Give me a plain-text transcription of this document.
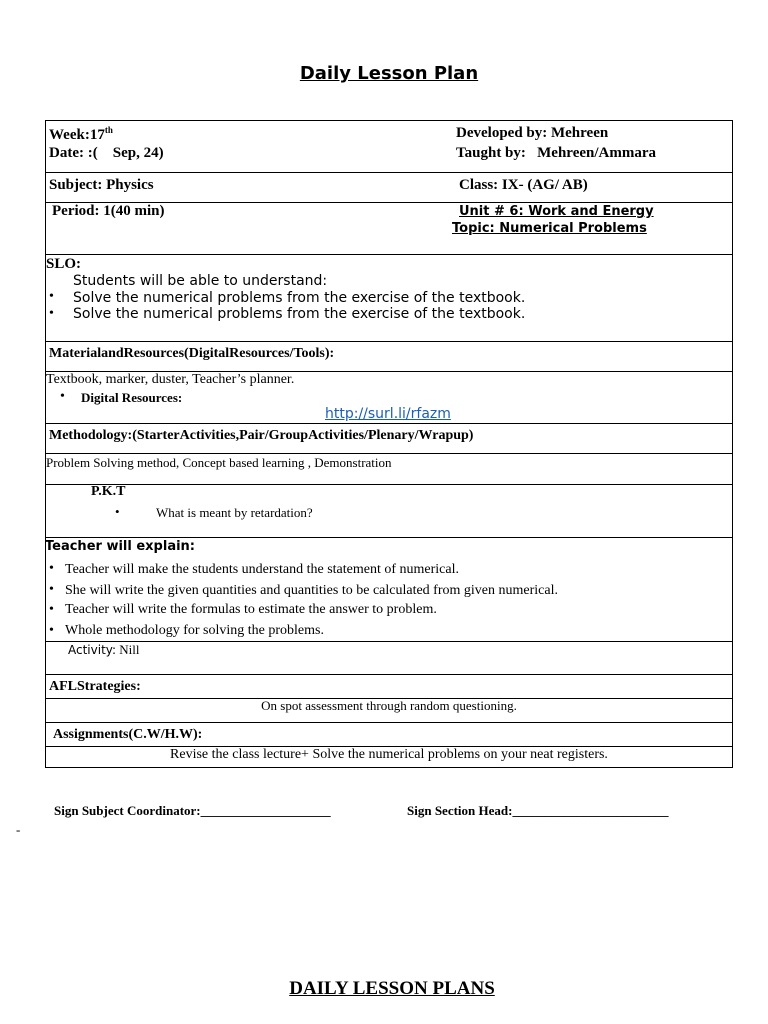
Daily Lesson Plan
Week:17th
Date: :(    Sep, 24)
Developed by: Mehreen
Taught by:   Mehreen/Ammara
Subject: Physics	Class: IX- (AG/ AB)
Period: 1(40 min)	Unit # 6: Work and Energy
Topic: Numerical Problems
SLO:
Students will be able to understand:
• Solve the numerical problems from the exercise of the textbook.
• Solve the numerical problems from the exercise of the textbook.
MaterialandResources(DigitalResources/Tools):
Textbook, marker, duster, Teacher’s planner.
• Digital Resources:
http://surl.li/rfazm
Methodology:(StarterActivities,Pair/GroupActivities/Plenary/Wrapup)
Problem Solving method, Concept based learning , Demonstration
P.K.T
•	What is meant by retardation?
Teacher will explain:
• Teacher will make the students understand the statement of numerical.
• She will write the given quantities and quantities to be calculated from given numerical.
• Teacher will write the formulas to estimate the answer to problem.
• Whole methodology for solving the problems.
Activity: Nill
AFLStrategies:
On spot assessment through random questioning.
Assignments(C.W/H.W):
Revise the class lecture+ Solve the numerical problems on your neat registers.
Sign Subject Coordinator:____________________	Sign Section Head:________________________
-
DAILY LESSON PLANS
